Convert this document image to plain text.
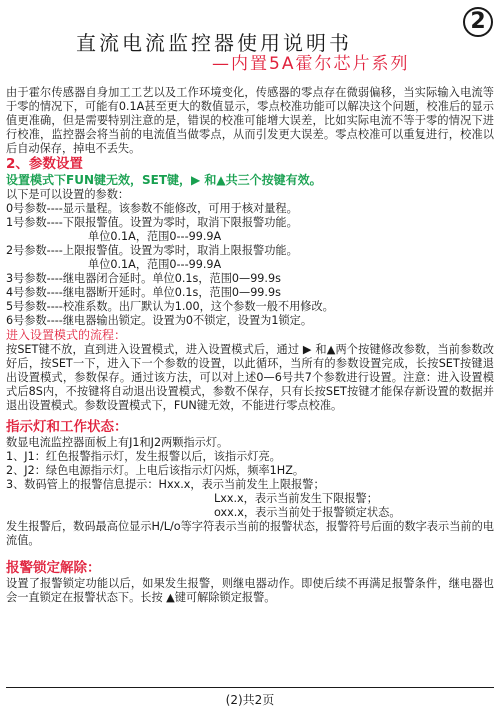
2
直流电流监控器使用说明书
—内置5A霍尔芯片系列

由于霍尔传感器自身加工工艺以及工作环境变化，传感器的零点存在微弱偏移，当实际输入电流等于零的情况下，可能有0.1A甚至更大的数值显示，零点校准功能可以解决这个问题，校准后的显示值更准确，但是需要特别注意的是，错误的校准可能增大误差，比如实际电流不等于零的情况下进行校准，监控器会将当前的电流值当做零点，从而引发更大误差。零点校准可以重复进行，校准以后自动保存，掉电不丢失。

2、参数设置

设置模式下FUN键无效，SET键，▶ 和▲共三个按键有效。

以下是可以设置的参数：

0号参数----显示量程。该参数不能修改，可用于核对量程。

1号参数----下限报警值。设置为零时，取消下限报警功能。

单位0.1A，范围0---99.9A

2号参数----上限报警值。设置为零时，取消上限报警功能。

单位0.1A，范围0---99.9A

3号参数----继电器闭合延时。单位0.1s，范围0—99.9s

4号参数----继电器断开延时。单位0.1s，范围0—99.9s

5号参数----校准系数。出厂默认为1.00，这个参数一般不用修改。

6号参数----继电器输出锁定。设置为0不锁定，设置为1锁定。

进入设置模式的流程：

按SET键不放，直到进入设置模式，进入设置模式后，通过 ▶ 和▲两个按键修改参数，当前参数改好后，按SET一下，进入下一个参数的设置，以此循环，当所有的参数设置完成，长按SET按键退出设置模式，参数保存。通过该方法，可以对上述0—6号共7个参数进行设置。注意：进入设置模式后8S内，不按键将自动退出设置模式，参数不保存，只有长按SET按键才能保存新设置的数据并退出设置模式。参数设置模式下，FUN键无效，不能进行零点校准。

指示灯和工作状态：

数显电流监控器面板上有J1和J2两颗指示灯。

1、J1：红色报警指示灯，发生报警以后，该指示灯亮。

2、J2：绿色电源指示灯。上电后该指示灯闪烁，频率1HZ。

3、数码管上的报警信息提示：Hxx.x，表示当前发生上限报警；

Lxx.x，表示当前发生下限报警；

oxx.x，表示当前处于报警锁定状态。

发生报警后，数码最高位显示H/L/o等字符表示当前的报警状态，报警符号后面的数字表示当前的电流值。

报警锁定解除：

设置了报警锁定功能以后，如果发生报警，则继电器动作。即使后续不再满足报警条件，继电器也会一直锁定在报警状态下。长按 ▲键可解除锁定报警。

(2)共2页
